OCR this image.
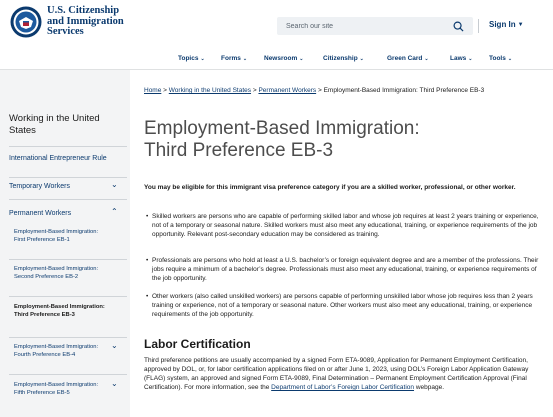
U.S. Citizenship
and Immigration
Services
Search our site
Sign In ▼
Topics ⌄	Forms ⌄	Newsroom ⌄	Citizenship ⌄	Green Card ⌄	Laws ⌄	Tools ⌄
Working in the United States
International Entrepreneur Rule
Temporary Workers	⌄
Permanent Workers	⌃
Employment-Based Immigration: First Preference EB-1
Employment-Based Immigration: Second Preference EB-2
Employment-Based Immigration: Third Preference EB-3
Employment-Based Immigration: Fourth Preference EB-4
⌄
Employment-Based Immigration: Fifth Preference EB-5
⌄
Home > Working in the United States > Permanent Workers > Employment-Based Immigration: Third Preference EB-3
Employment-Based Immigration: Third Preference EB-3

You may be eligible for this immigrant visa preference category if you are a skilled worker, professional, or other worker.

• Skilled workers are persons who are capable of performing skilled labor and whose job requires at least 2 years training or experience, not of a temporary or seasonal nature. Skilled workers must also meet any educational, training, or experience requirements of the job opportunity. Relevant post-secondary education may be considered as training.
• Professionals are persons who hold at least a U.S. bachelor’s or foreign equivalent degree and are a member of the professions. Their jobs require a minimum of a bachelor’s degree. Professionals must also meet any educational, training, or experience requirements of the job opportunity.
• Other workers (also called unskilled workers) are persons capable of performing unskilled labor whose job requires less than 2 years training or experience, not of a temporary or seasonal nature. Other workers must also meet any educational, training, or experience requirements of the job opportunity.
Labor Certification

Third preference petitions are usually accompanied by a signed Form ETA-9089, Application for Permanent Employment Certification, approved by DOL, or, for labor certification applications filed on or after June 1, 2023, using DOL’s Foreign Labor Application Gateway (FLAG) system, an approved and signed Form ETA-9089, Final Determination – Permanent Employment Certification Approval (Final Certification). For more information, see the Department of Labor’s Foreign Labor Certification webpage.
